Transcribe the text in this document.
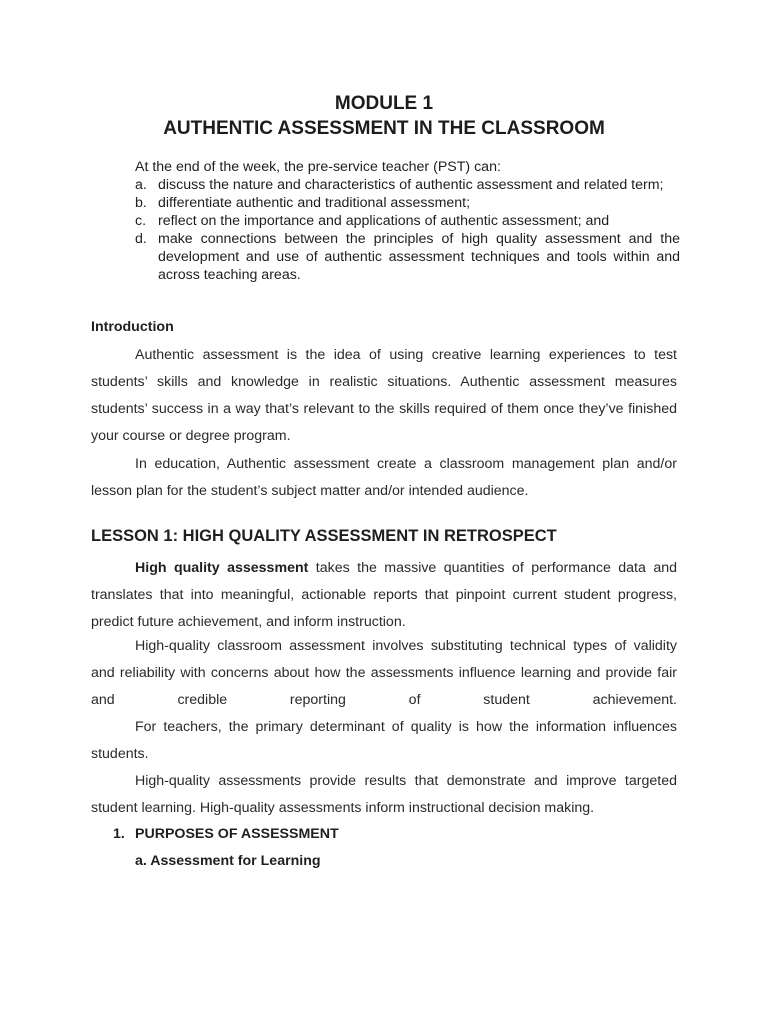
MODULE 1
AUTHENTIC ASSESSMENT IN THE CLASSROOM

At the end of the week, the pre-service teacher (PST) can:

a. discuss the nature and characteristics of authentic assessment and related term;
b. differentiate authentic and traditional assessment;
c. reflect on the importance and applications of authentic assessment; and
d. make connections between the principles of high quality assessment and the development and use of authentic assessment techniques and tools within and across teaching areas.
Introduction

Authentic assessment is the idea of using creative learning experiences to test students’ skills and knowledge in realistic situations. Authentic assessment measures students’ success in a way that’s relevant to the skills required of them once they’ve finished your course or degree program.

In education, Authentic assessment create a classroom management plan and/or lesson plan for the student’s subject matter and/or intended audience.

LESSON 1: HIGH QUALITY ASSESSMENT IN RETROSPECT

High quality assessment takes the massive quantities of performance data and translates that into meaningful, actionable reports that pinpoint current student progress, predict future achievement, and inform instruction.

High-quality classroom assessment involves substituting technical types of validity and reliability with concerns about how the assessments influence learning and provide fair and credible reporting of student achievement.

For teachers, the primary determinant of quality is how the information influences students.

High-quality assessments provide results that demonstrate and improve targeted student learning. High-quality assessments inform instructional decision making.

1. PURPOSES OF ASSESSMENT

a. Assessment for Learning
